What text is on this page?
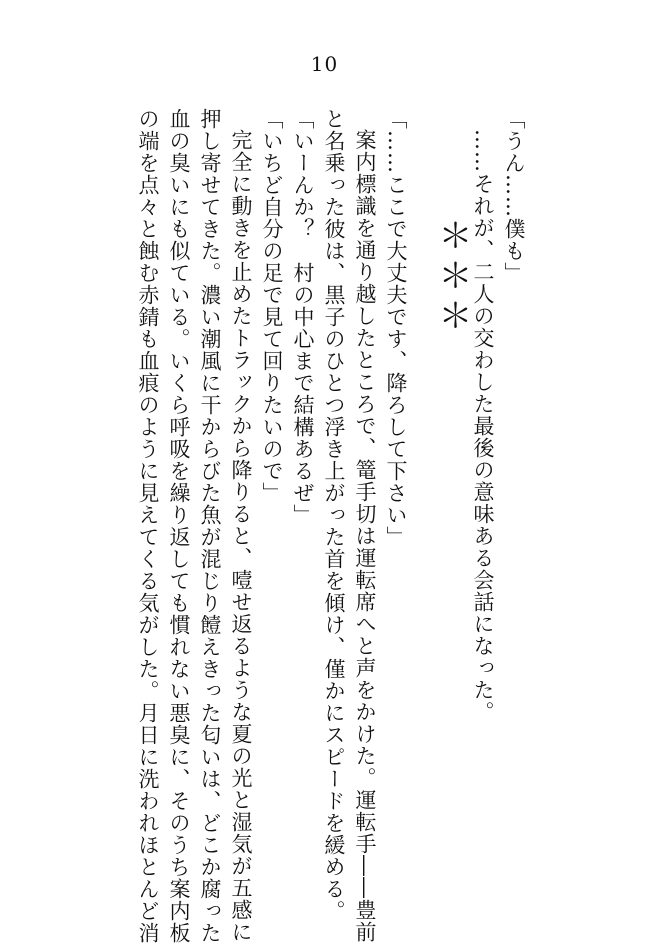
10
「うん……僕も」
……それが、二人の交わした最後の意味ある会話になった。
＊＊＊
「……ここで大丈夫です、降ろして下さい」
案内標識を通り越したところで、篭手切は運転席へと声をかけた。運転手――豊前
と名乗った彼は、黒子のひとつ浮き上がった首を傾け、僅かにスピードを緩める。
「いーんか？　村の中心まで結構あるぜ」
「いちど自分の足で見て回りたいので」
完全に動きを止めたトラックから降りると、噎せ返るような夏の光と湿気が五感に
押し寄せてきた。濃い潮風に干からびた魚が混じり饐えきった匂いは、どこか腐った
血の臭いにも似ている。いくら呼吸を繰り返しても慣れない悪臭に、そのうち案内板
の端を点々と蝕む赤錆も血痕のように見えてくる気がした。月日に洗われほとんど消
